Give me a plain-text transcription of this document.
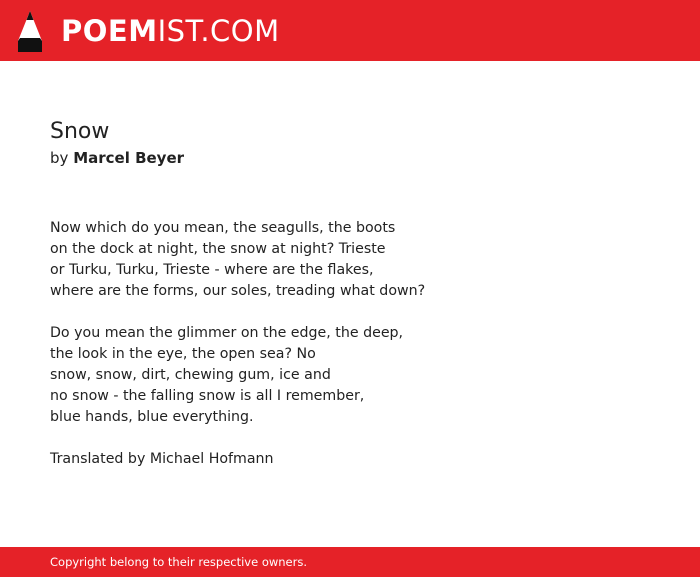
POEMIST.COM
Snow
by Marcel Beyer

Now which do you mean, the seagulls, the boots
on the dock at night, the snow at night? Trieste
or Turku, Turku, Trieste - where are the flakes,
where are the forms, our soles, treading what down?

Do you mean the glimmer on the edge, the deep,
the look in the eye, the open sea? No
snow, snow, dirt, chewing gum, ice and
no snow - the falling snow is all I remember,
blue hands, blue everything.

Translated by Michael Hofmann
Copyright belong to their respective owners.
